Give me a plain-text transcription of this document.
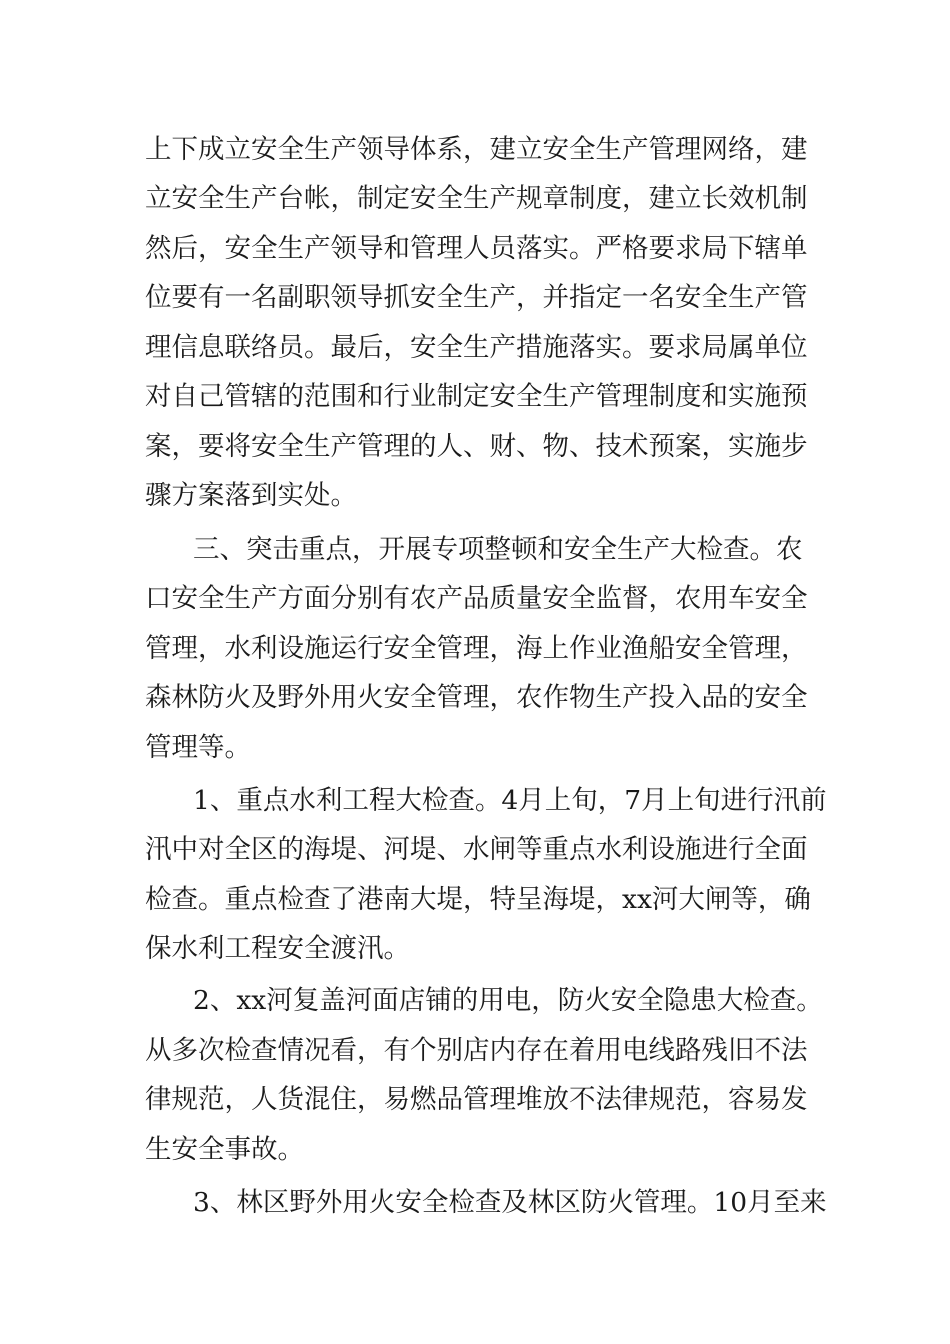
上下成立安全生产领导体系，建立安全生产管理网络，建
立安全生产台帐，制定安全生产规章制度，建立长效机制
然后，安全生产领导和管理人员落实。严格要求局下辖单
位要有一名副职领导抓安全生产，并指定一名安全生产管
理信息联络员。最后，安全生产措施落实。要求局属单位
对自己管辖的范围和行业制定安全生产管理制度和实施预
案，要将安全生产管理的人、财、物、技术预案，实施步
骤方案落到实处。
三、突击重点，开展专项整顿和安全生产大检查。农
口安全生产方面分别有农产品质量安全监督，农用车安全
管理，水利设施运行安全管理，海上作业渔船安全管理，
森林防火及野外用火安全管理，农作物生产投入品的安全
管理等。
1、重点水利工程大检查。4月上旬，7月上旬进行汛前
汛中对全区的海堤、河堤、水闸等重点水利设施进行全面
检查。重点检查了港南大堤，特呈海堤，xx河大闸等，确
保水利工程安全渡汛。
2、xx河复盖河面店铺的用电，防火安全隐患大检查。
从多次检查情况看，有个别店内存在着用电线路残旧不法
律规范，人货混住，易燃品管理堆放不法律规范，容易发
生安全事故。
3、林区野外用火安全检查及林区防火管理。10月至来
